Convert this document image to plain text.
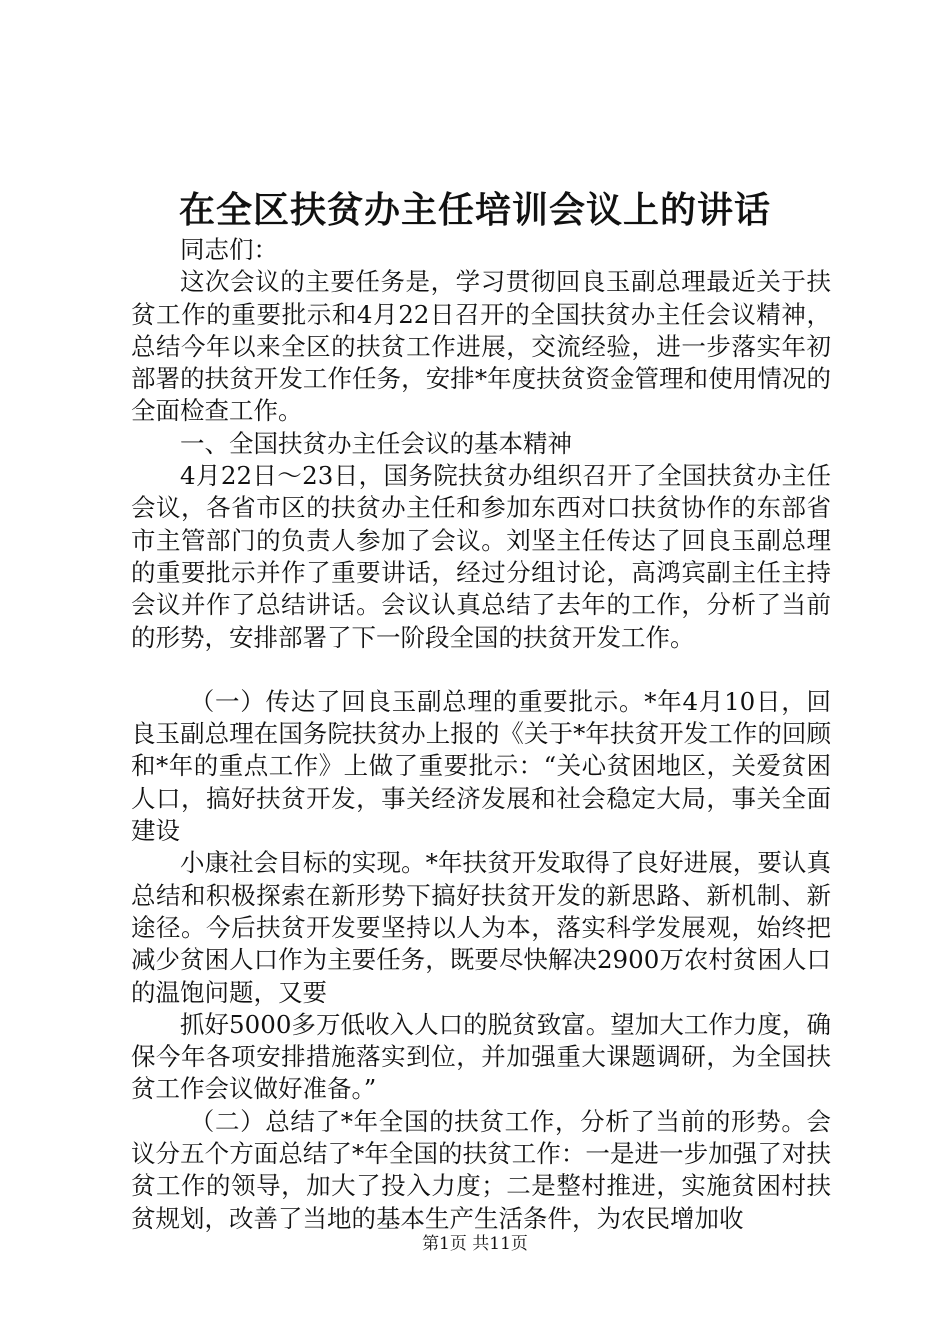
在全区扶贫办主任培训会议上的讲话

同志们：

这次会议的主要任务是，学习贯彻回良玉副总理最近关于扶贫工作的重要批示和4月22日召开的全国扶贫办主任会议精神，总结今年以来全区的扶贫工作进展，交流经验，进一步落实年初部署的扶贫开发工作任务，安排*年度扶贫资金管理和使用情况的全面检查工作。

一、全国扶贫办主任会议的基本精神

4月22日～23日，国务院扶贫办组织召开了全国扶贫办主任会议，各省市区的扶贫办主任和参加东西对口扶贫协作的东部省市主管部门的负责人参加了会议。刘坚主任传达了回良玉副总理的重要批示并作了重要讲话，经过分组讨论，高鸿宾副主任主持会议并作了总结讲话。会议认真总结了去年的工作，分析了当前的形势，安排部署了下一阶段全国的扶贫开发工作。

（一）传达了回良玉副总理的重要批示。*年4月10日，回良玉副总理在国务院扶贫办上报的《关于*年扶贫开发工作的回顾和*年的重点工作》上做了重要批示：“关心贫困地区，关爱贫困人口，搞好扶贫开发，事关经济发展和社会稳定大局，事关全面建设

小康社会目标的实现。*年扶贫开发取得了良好进展，要认真总结和积极探索在新形势下搞好扶贫开发的新思路、新机制、新途径。今后扶贫开发要坚持以人为本，落实科学发展观，始终把减少贫困人口作为主要任务，既要尽快解决2900万农村贫困人口的温饱问题，又要

抓好5000多万低收入人口的脱贫致富。望加大工作力度，确保今年各项安排措施落实到位，并加强重大课题调研，为全国扶贫工作会议做好准备。”

（二）总结了*年全国的扶贫工作，分析了当前的形势。会议分五个方面总结了*年全国的扶贫工作：一是进一步加强了对扶贫工作的领导，加大了投入力度；二是整村推进，实施贫困村扶贫规划，改善了当地的基本生产生活条件，为农民增加收

第1页 共11页
